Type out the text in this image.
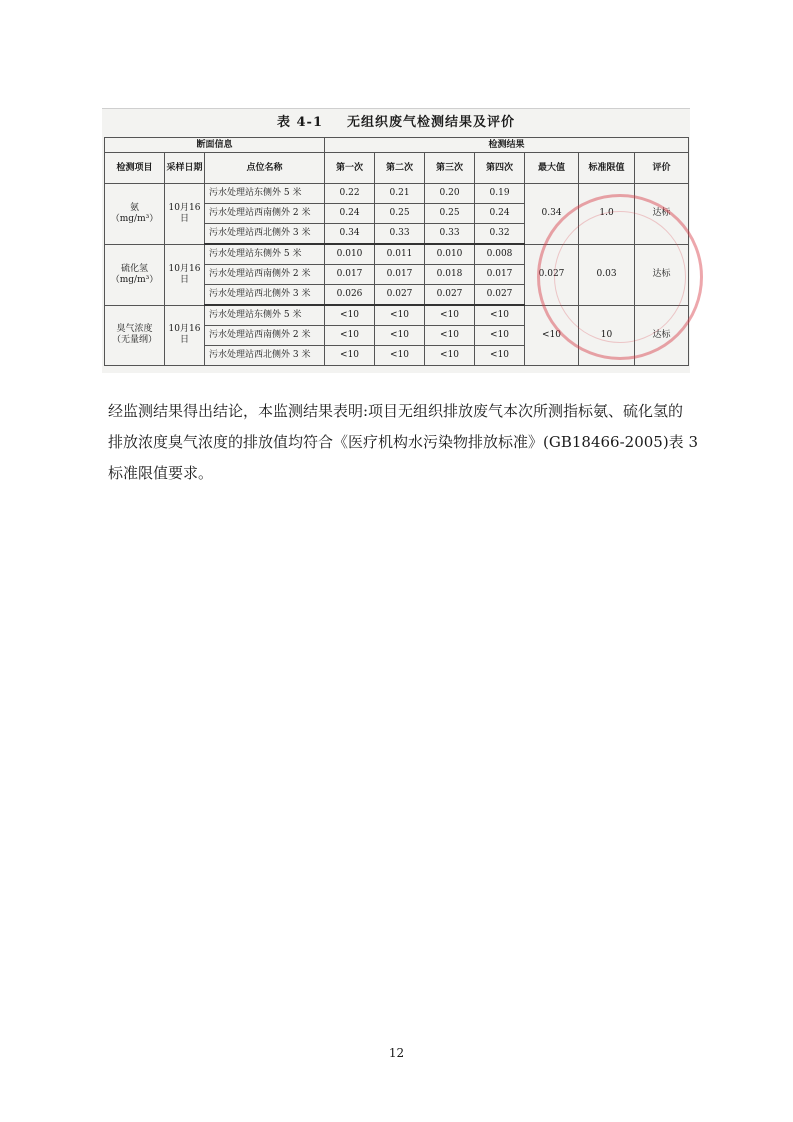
表 4-1 无组织废气检测结果及评价
断面信息			检测结果						
检测项目	采样日期	点位名称	第一次	第二次	第三次	第四次	最大值	标准限值	评价
氨
（mg/m³）	10月16日	污水处理站东侧外 5 米	0.22	0.21	0.20	0.19	0.34	1.0	达标
		污水处理站西南侧外 2 米	0.24	0.25	0.25	0.24			
		污水处理站西北侧外 3 米	0.34	0.33	0.33	0.32			
硫化氢
（mg/m³）	10月16日	污水处理站东侧外 5 米	0.010	0.011	0.010	0.008	0.027	0.03	达标
		污水处理站西南侧外 2 米	0.017	0.017	0.018	0.017			
		污水处理站西北侧外 3 米	0.026	0.027	0.027	0.027			
臭气浓度
（无量纲）	10月16日	污水处理站东侧外 5 米	<10	<10	<10	<10	<10	10	达标
		污水处理站西南侧外 2 米	<10	<10	<10	<10			
		污水处理站西北侧外 3 米	<10	<10	<10	<10			
经监测结果得出结论，本监测结果表明:项目无组织排放废气本次所测指标氨、硫化氢的排放浓度臭气浓度的排放值均符合《医疗机构水污染物排放标准》(GB18466-2005)表 3 标准限值要求。
12
